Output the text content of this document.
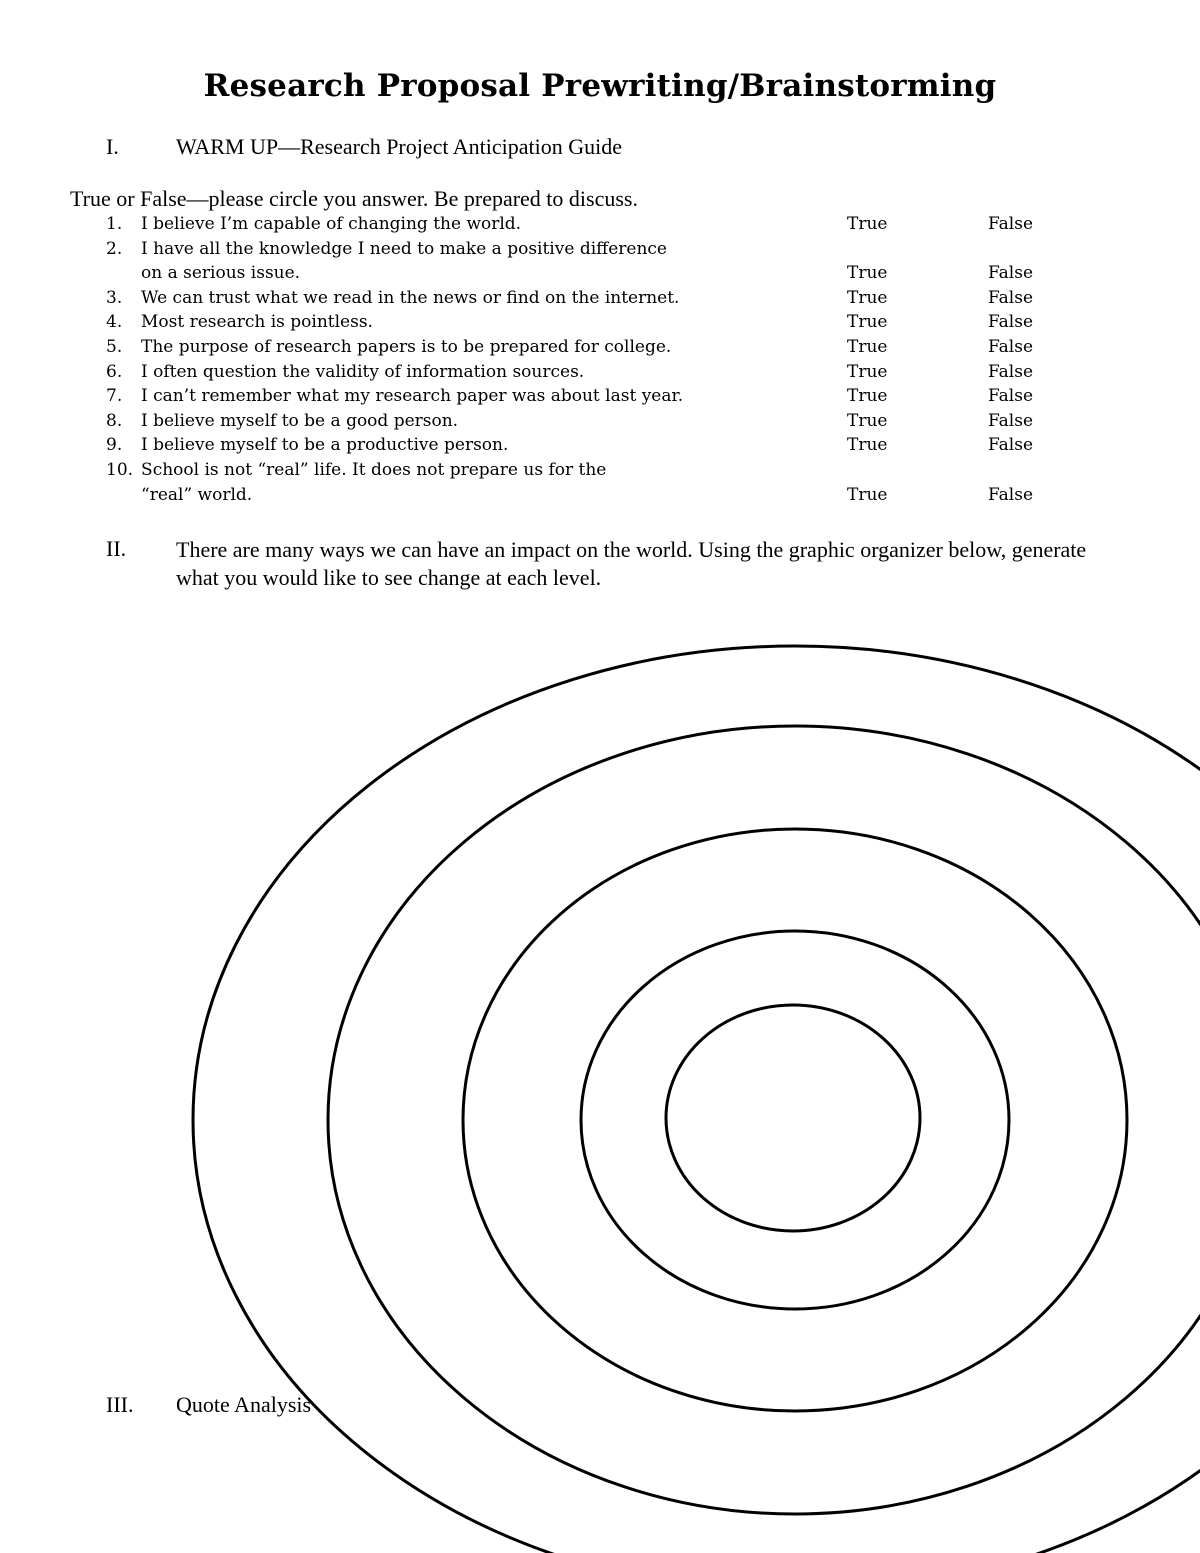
Research Proposal Prewriting/Brainstorming
I.	WARM UP—Research Project Anticipation Guide
True or False—please circle you answer. Be prepared to discuss.
1. I believe I’m capable of changing the world.	True	False
2. I have all the knowledge I need to make a positive difference
on a serious issue.	True	False
3. We can trust what we read in the news or find on the internet.	True	False
4. Most research is pointless.	True	False
5. The purpose of research papers is to be prepared for college.	True	False
6. I often question the validity of information sources.	True	False
7. I can’t remember what my research paper was about last year.	True	False
8. I believe myself to be a good person.	True	False
9. I believe myself to be a productive person.	True	False
10. School is not “real” life. It does not prepare us for the
“real” world.	True	False
II. There are many ways we can have an impact on the world. Using the graphic organizer below, generate what you would like to see change at each level.
III. Quote Analysis
